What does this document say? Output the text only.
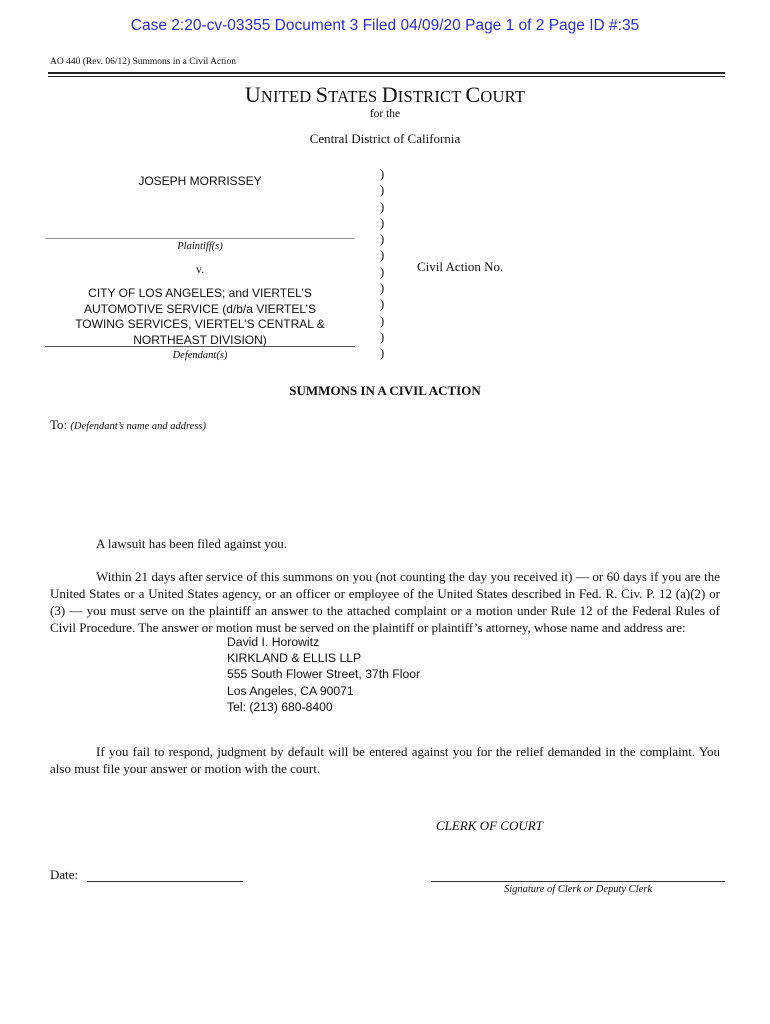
Case 2:20-cv-03355 Document 3 Filed 04/09/20 Page 1 of 2 Page ID #:35
AO 440 (Rev. 06/12) Summons in a Civil Action
UNITED STATES DISTRICT COURT
for the
Central District of California
JOSEPH MORRISSEY
Plaintiff(s)
v.
CITY OF LOS ANGELES; and VIERTEL’S
AUTOMOTIVE SERVICE (d/b/a VIERTEL’S
TOWING SERVICES, VIERTEL’S CENTRAL &
NORTHEAST DIVISION)
Defendant(s)
)
)
)
)
)
)
)
)
)
)
)
)
Civil Action No.
SUMMONS IN A CIVIL ACTION
To: (Defendant’s name and address)
A lawsuit has been filed against you.
Within 21 days after service of this summons on you (not counting the day you received it) — or 60 days if you are the United States or a United States agency, or an officer or employee of the United States described in Fed. R. Civ. P. 12 (a)(2) or (3) — you must serve on the plaintiff an answer to the attached complaint or a motion under Rule 12 of the Federal Rules of Civil Procedure. The answer or motion must be served on the plaintiff or plaintiff’s attorney, whose name and address are:
David I. Horowitz
KIRKLAND & ELLIS LLP
555 South Flower Street, 37th Floor
Los Angeles, CA 90071
Tel: (213) 680-8400
If you fail to respond, judgment by default will be entered against you for the relief demanded in the complaint. You also must file your answer or motion with the court.
CLERK OF COURT
Date:
Signature of Clerk or Deputy Clerk
